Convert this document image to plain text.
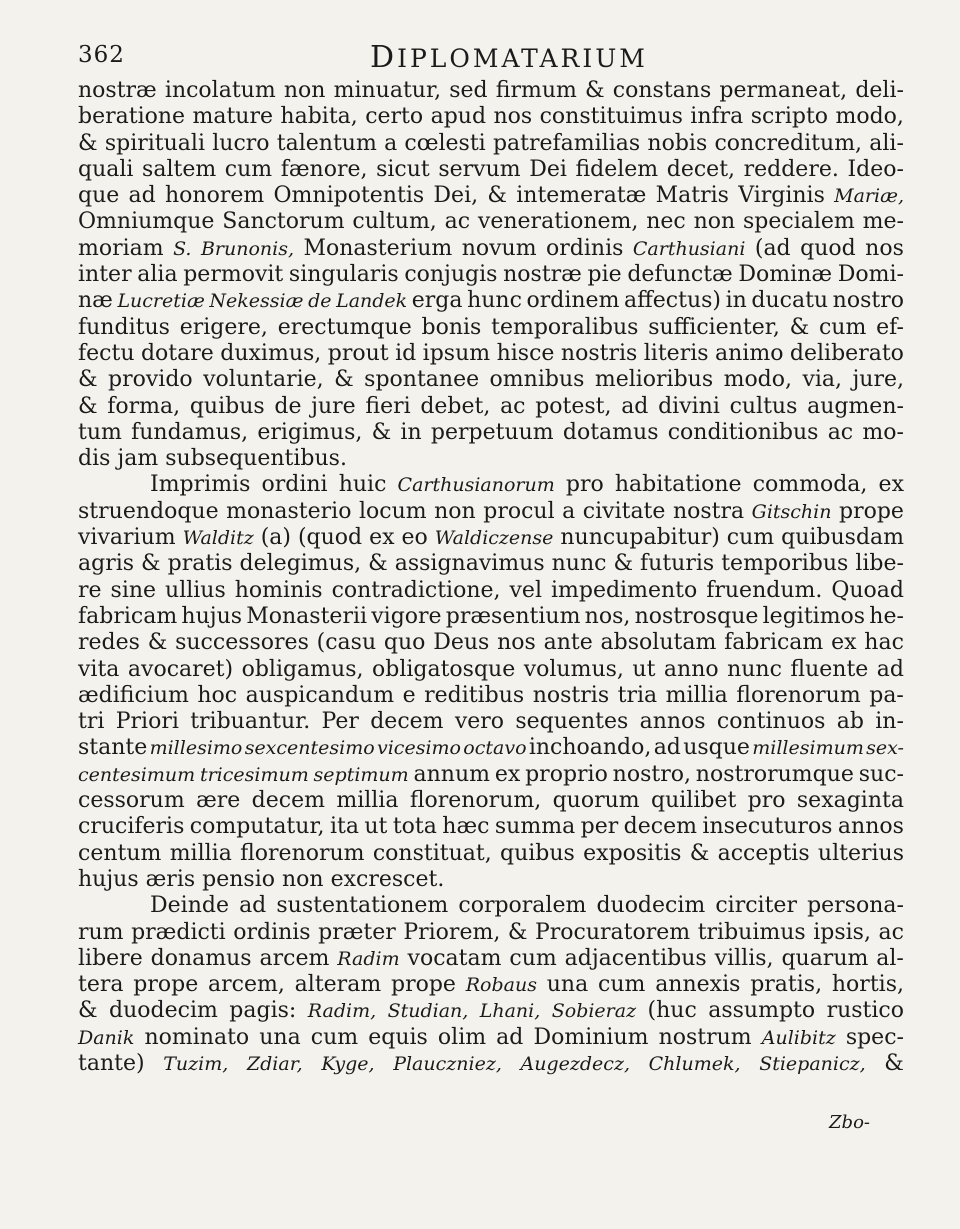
362	DIPLOMATARIUM
nostræ incolatum non minuatur, sed firmum & constans permaneat, deli-
beratione mature habita, certo apud nos constituimus infra scripto modo,
& spirituali lucro talentum a cœlesti patrefamilias nobis concreditum, ali-
quali saltem cum fænore, sicut servum Dei fidelem decet, reddere. Ideo-
que ad honorem Omnipotentis Dei, & intemeratæ Matris Virginis Mariæ,
Omniumque Sanctorum cultum, ac venerationem, nec non specialem me-
moriam S. Brunonis, Monasterium novum ordinis Carthusiani (ad quod nos
inter alia permovit singularis conjugis nostræ pie defunctæ Dominæ Domi-
næ Lucretiæ Nekessiæ de Landek erga hunc ordinem affectus) in ducatu nostro
funditus erigere, erectumque bonis temporalibus sufficienter, & cum ef-
fectu dotare duximus, prout id ipsum hisce nostris literis animo deliberato
& provido voluntarie, & spontanee omnibus melioribus modo, via, jure,
& forma, quibus de jure fieri debet, ac potest, ad divini cultus augmen-
tum fundamus, erigimus, & in perpetuum dotamus conditionibus ac mo-
dis jam subsequentibus.
Imprimis ordini huic Carthusianorum pro habitatione commoda, ex
struendoque monasterio locum non procul a civitate nostra Gitschin prope
vivarium Walditz (a) (quod ex eo Waldiczense nuncupabitur) cum quibusdam
agris & pratis delegimus, & assignavimus nunc & futuris temporibus libe-
re sine ullius hominis contradictione, vel impedimento fruendum. Quoad
fabricam hujus Monasterii vigore præsentium nos, nostrosque legitimos he-
redes & successores (casu quo Deus nos ante absolutam fabricam ex hac
vita avocaret) obligamus, obligatosque volumus, ut anno nunc fluente ad
ædificium hoc auspicandum e reditibus nostris tria millia florenorum pa-
tri Priori tribuantur. Per decem vero sequentes annos continuos ab in-
stante millesimo sexcentesimo vicesimo octavo inchoando, ad usque millesimum sex-
centesimum tricesimum septimum annum ex proprio nostro, nostrorumque suc-
cessorum ære decem millia florenorum, quorum quilibet pro sexaginta
cruciferis computatur, ita ut tota hæc summa per decem insecuturos annos
centum millia florenorum constituat, quibus expositis & acceptis ulterius
hujus æris pensio non excrescet.
Deinde ad sustentationem corporalem duodecim circiter persona-
rum prædicti ordinis præter Priorem, & Procuratorem tribuimus ipsis, ac
libere donamus arcem Radim vocatam cum adjacentibus villis, quarum al-
tera prope arcem, alteram prope Robaus una cum annexis pratis, hortis,
& duodecim pagis: Radim, Studian, Lhani, Sobieraz (huc assumpto rustico
Danik nominato una cum equis olim ad Dominium nostrum Aulibitz spec-
tante) Tuzim, Zdiar, Kyge, Plauczniez, Augezdecz, Chlumek, Stiepanicz, &
Zbo-
